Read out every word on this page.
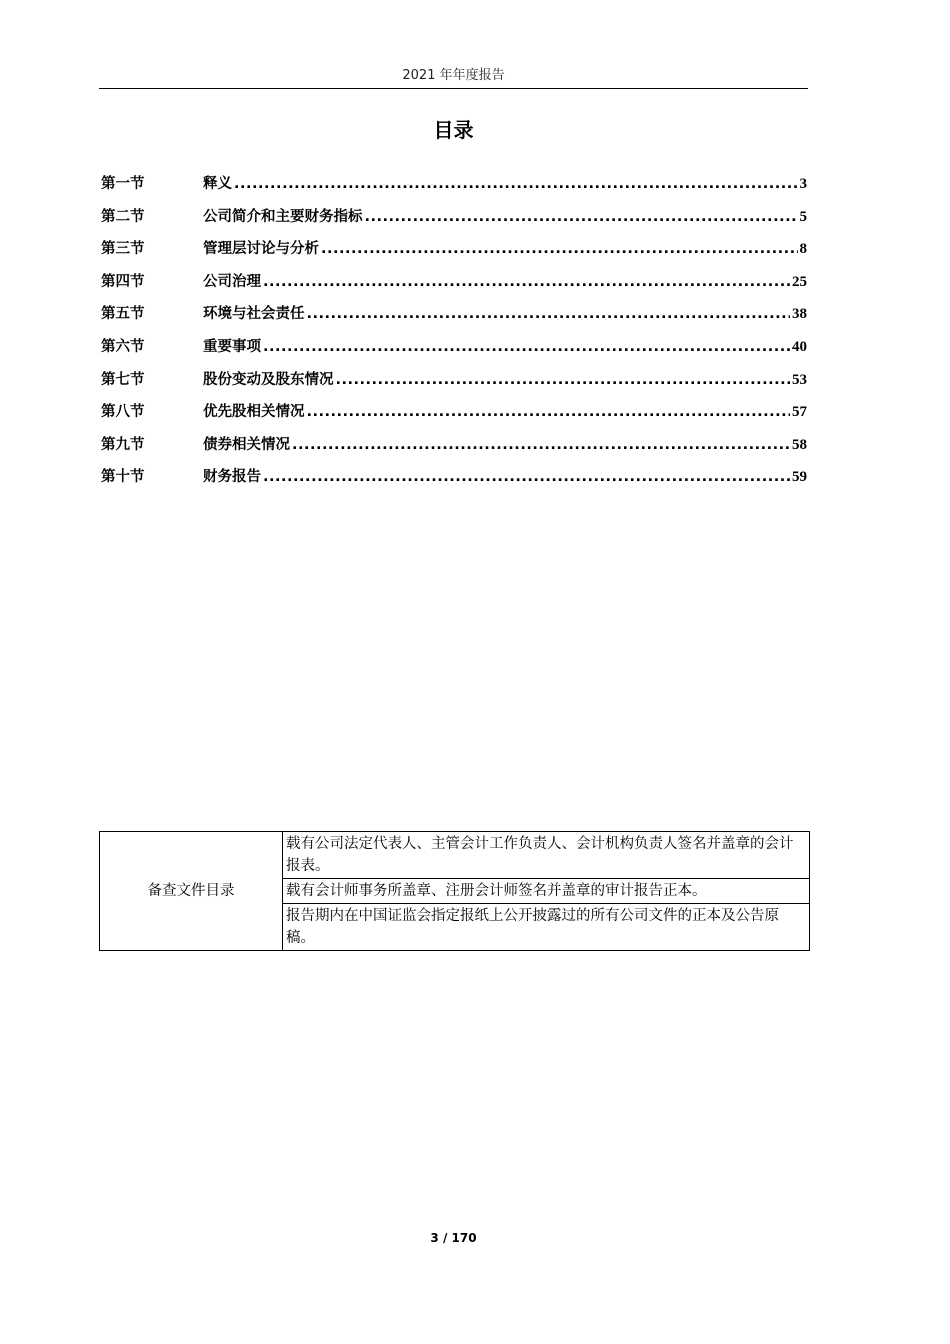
2021 年年度报告
目录
第一节	释义 .....	3
第二节	公司简介和主要财务指标 .....	5
第三节	管理层讨论与分析 .....	8
第四节	公司治理 .....	25
第五节	环境与社会责任 .....	38
第六节	重要事项 .....	40
第七节	股份变动及股东情况 .....	53
第八节	优先股相关情况 .....	57
第九节	债券相关情况 .....	58
第十节	财务报告 .....	59
备查文件目录	载有公司法定代表人、主管会计工作负责人、会计机构负责人签名并盖章的会计报表。
载有会计师事务所盖章、注册会计师签名并盖章的审计报告正本。
报告期内在中国证监会指定报纸上公开披露过的所有公司文件的正本及公告原稿。
3 / 170
